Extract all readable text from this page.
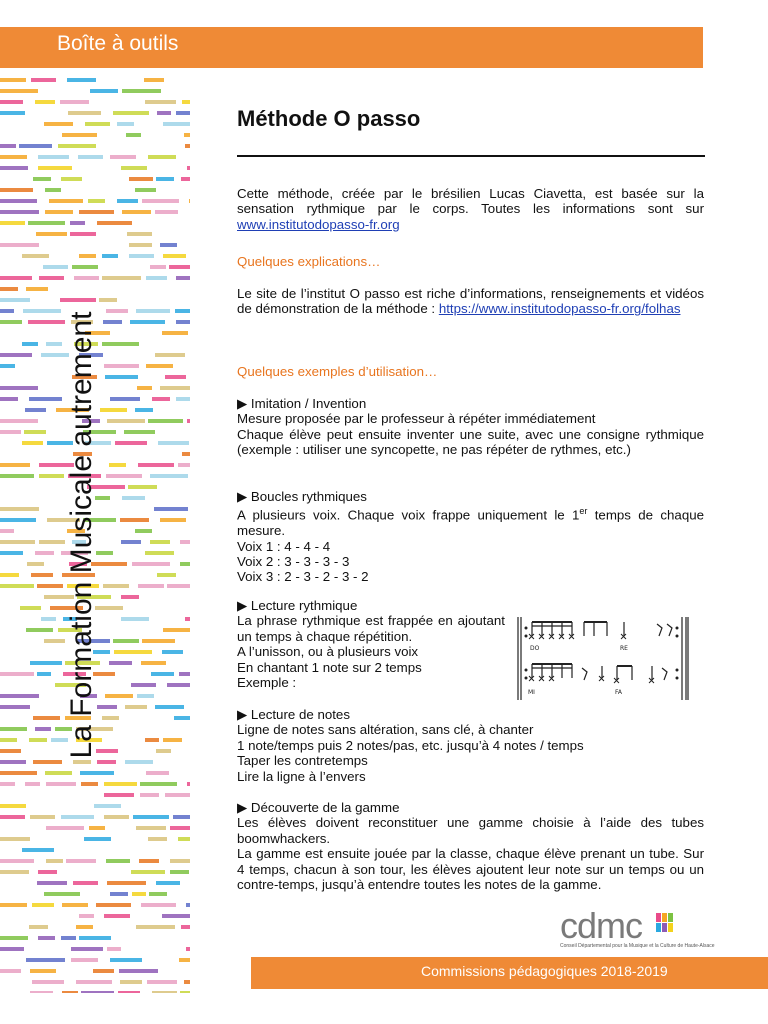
Boîte à outils
La Formation Musicale autrement
Méthode O passo
Cette méthode, créée par le brésilien Lucas Ciavetta, est basée sur la sensation rythmique par le corps. Toutes les informations sont sur www.institutodopasso-fr.org
Quelques explications…
Le site de l’institut O passo est riche d’informations, renseignements et vidéos de démonstration de la méthode : https://www.institutodopasso-fr.org/folhas
Quelques exemples d’utilisation…
▶ Imitation / Invention
Mesure proposée par le professeur à répéter immédiatement
Chaque élève peut ensuite inventer une suite, avec une consigne rythmique (exemple : utiliser une syncopette, ne pas répéter de rythmes, etc.)
▶ Boucles rythmiques
A plusieurs voix. Chaque voix frappe uniquement le 1er temps de chaque mesure.
Voix 1 : 4 - 4 - 4
Voix 2 : 3 - 3 - 3 - 3
Voix 3 : 2 - 3 - 2 - 3 - 2
▶ Lecture rythmique
La phrase rythmique est frappée en ajoutant un temps à chaque répétition.
A l’unisson, ou à plusieurs voix
En chantant 1 note sur 2 temps
Exemple :
DO	RE
MI	FA
▶ Lecture de notes
Ligne de notes sans altération, sans clé, à chanter
1 note/temps puis 2 notes/pas, etc. jusqu’à 4 notes / temps
Taper les contretemps
Lire la ligne à l’envers
▶ Découverte de la gamme
Les élèves doivent reconstituer une gamme choisie à l’aide des tubes boomwhackers.
La gamme est ensuite jouée par la classe, chaque élève prenant un tube. Sur 4 temps, chacun à son tour, les élèves ajoutent leur note sur un temps ou un contre-temps, jusqu’à entendre toutes les notes de la gamme.
cdmc
Conseil Départemental pour la Musique et la Culture de Haute-Alsace
Commissions pédagogiques 2018-2019
